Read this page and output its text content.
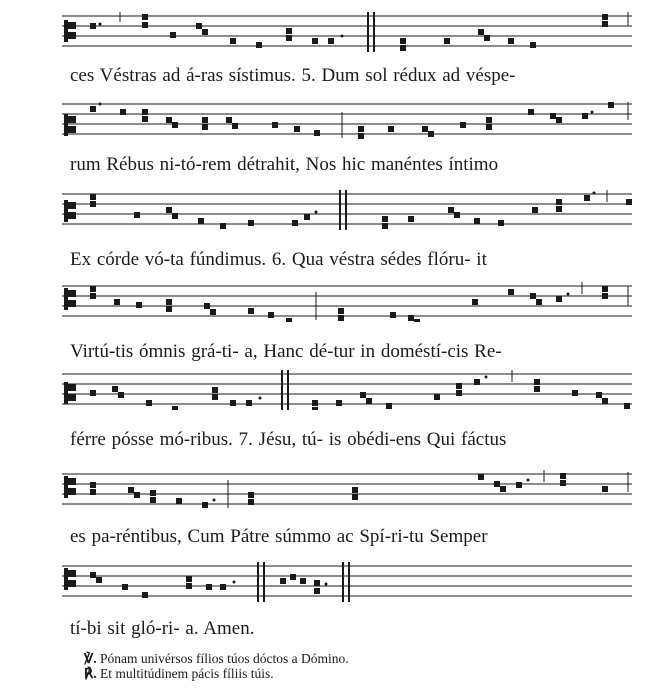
ces Véstras ad á-ras sístimus. 5. Dum sol rédux ad véspe-
rum Rébus ni-tó-rem détrahit, Nos hic manéntes íntimo
Ex córde vó-ta fúndimus. 6. Qua véstra sédes flóru- it
Virtú-tis ómnis grá-ti- a, Hanc dé-tur in doméstí-cis Re-
férre pósse mó-ribus. 7. Jésu, tú- is obédi-ens Qui fáctus
es pa-réntibus, Cum Pátre súmmo ac Spí-ri-tu Semper
tí-bi sit gló-ri- a. Amen.
℣. Pónam univérsos fílios túos dóctos a Dómino.
℟. Et multitúdinem pácis fíliis túis.
